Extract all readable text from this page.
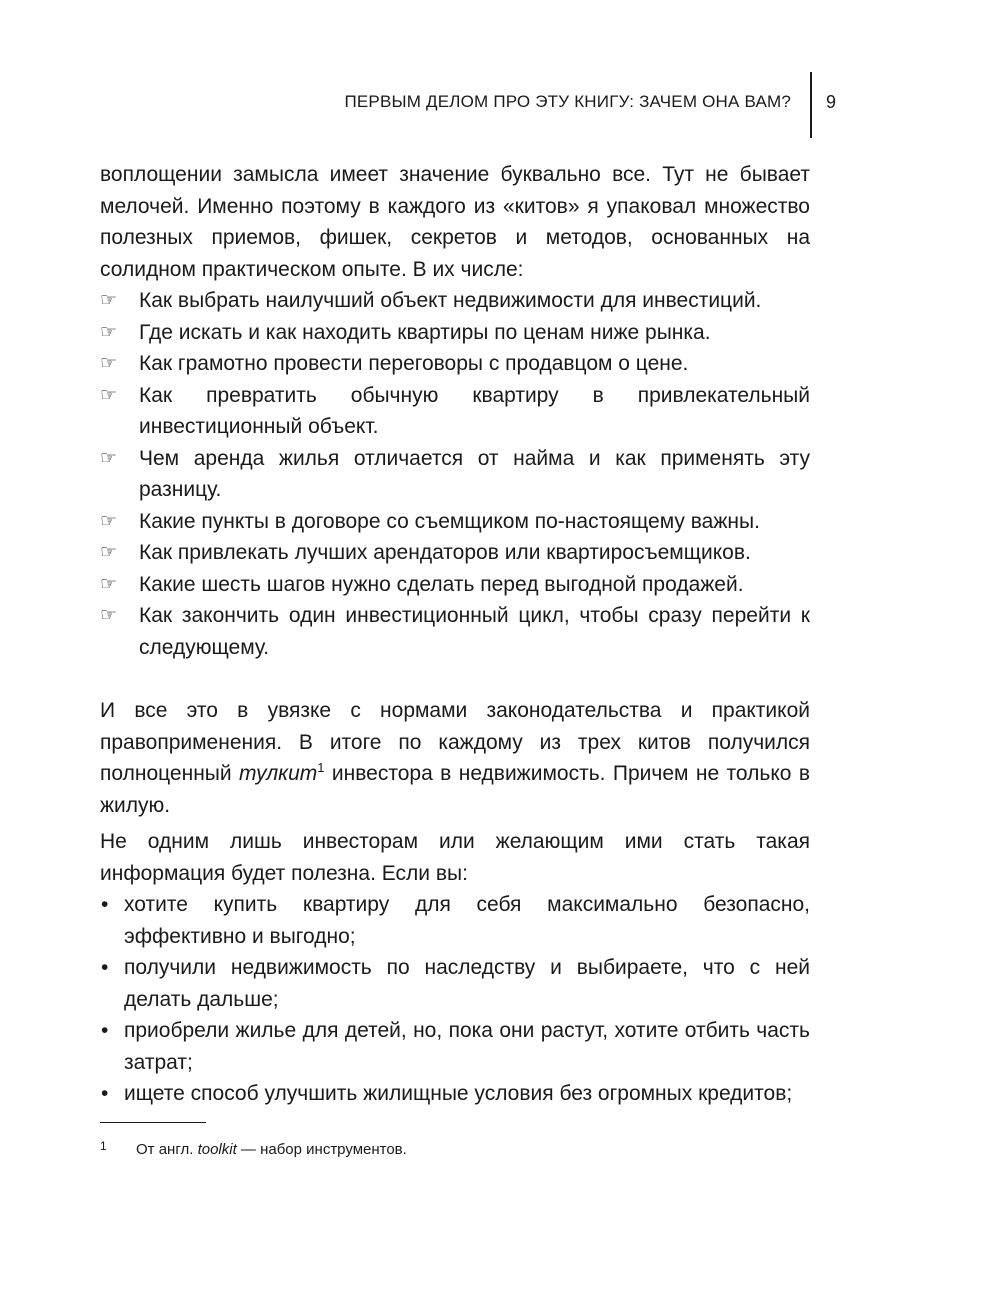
ПЕРВЫМ ДЕЛОМ ПРО ЭТУ КНИГУ: ЗАЧЕМ ОНА ВАМ? 9

воплощении замысла имеет значение буквально все. Тут не бывает мелочей. Именно поэтому в каждого из «китов» я упаковал множество полезных приемов, фишек, секретов и методов, основанных на солидном практическом опыте. В их числе:

☞ Как выбрать наилучший объект недвижимости для инвестиций.
☞ Где искать и как находить квартиры по ценам ниже рынка.
☞ Как грамотно провести переговоры с продавцом о цене.
☞ Как превратить обычную квартиру в привлекательный инвестиционный объект.
☞ Чем аренда жилья отличается от найма и как применять эту разницу.
☞ Какие пункты в договоре со съемщиком по-настоящему важны.
☞ Как привлекать лучших арендаторов или квартиросъемщиков.
☞ Какие шесть шагов нужно сделать перед выгодной продажей.
☞ Как закончить один инвестиционный цикл, чтобы сразу перейти к следующему.

И все это в увязке с нормами законодательства и практикой правоприменения. В итоге по каждому из трех китов получился полноценный тулкит$^1$ инвестора в недвижимость. Причем не только в жилую.

Не одним лишь инвесторам или желающим ими стать такая информация будет полезна. Если вы:

• хотите купить квартиру для себя максимально безопасно, эффективно и выгодно;
• получили недвижимость по наследству и выбираете, что с ней делать дальше;
• приобрели жилье для детей, но, пока они растут, хотите отбить часть затрат;
• ищете способ улучшить жилищные условия без огромных кредитов;
1 От англ. toolkit — набор инструментов.
